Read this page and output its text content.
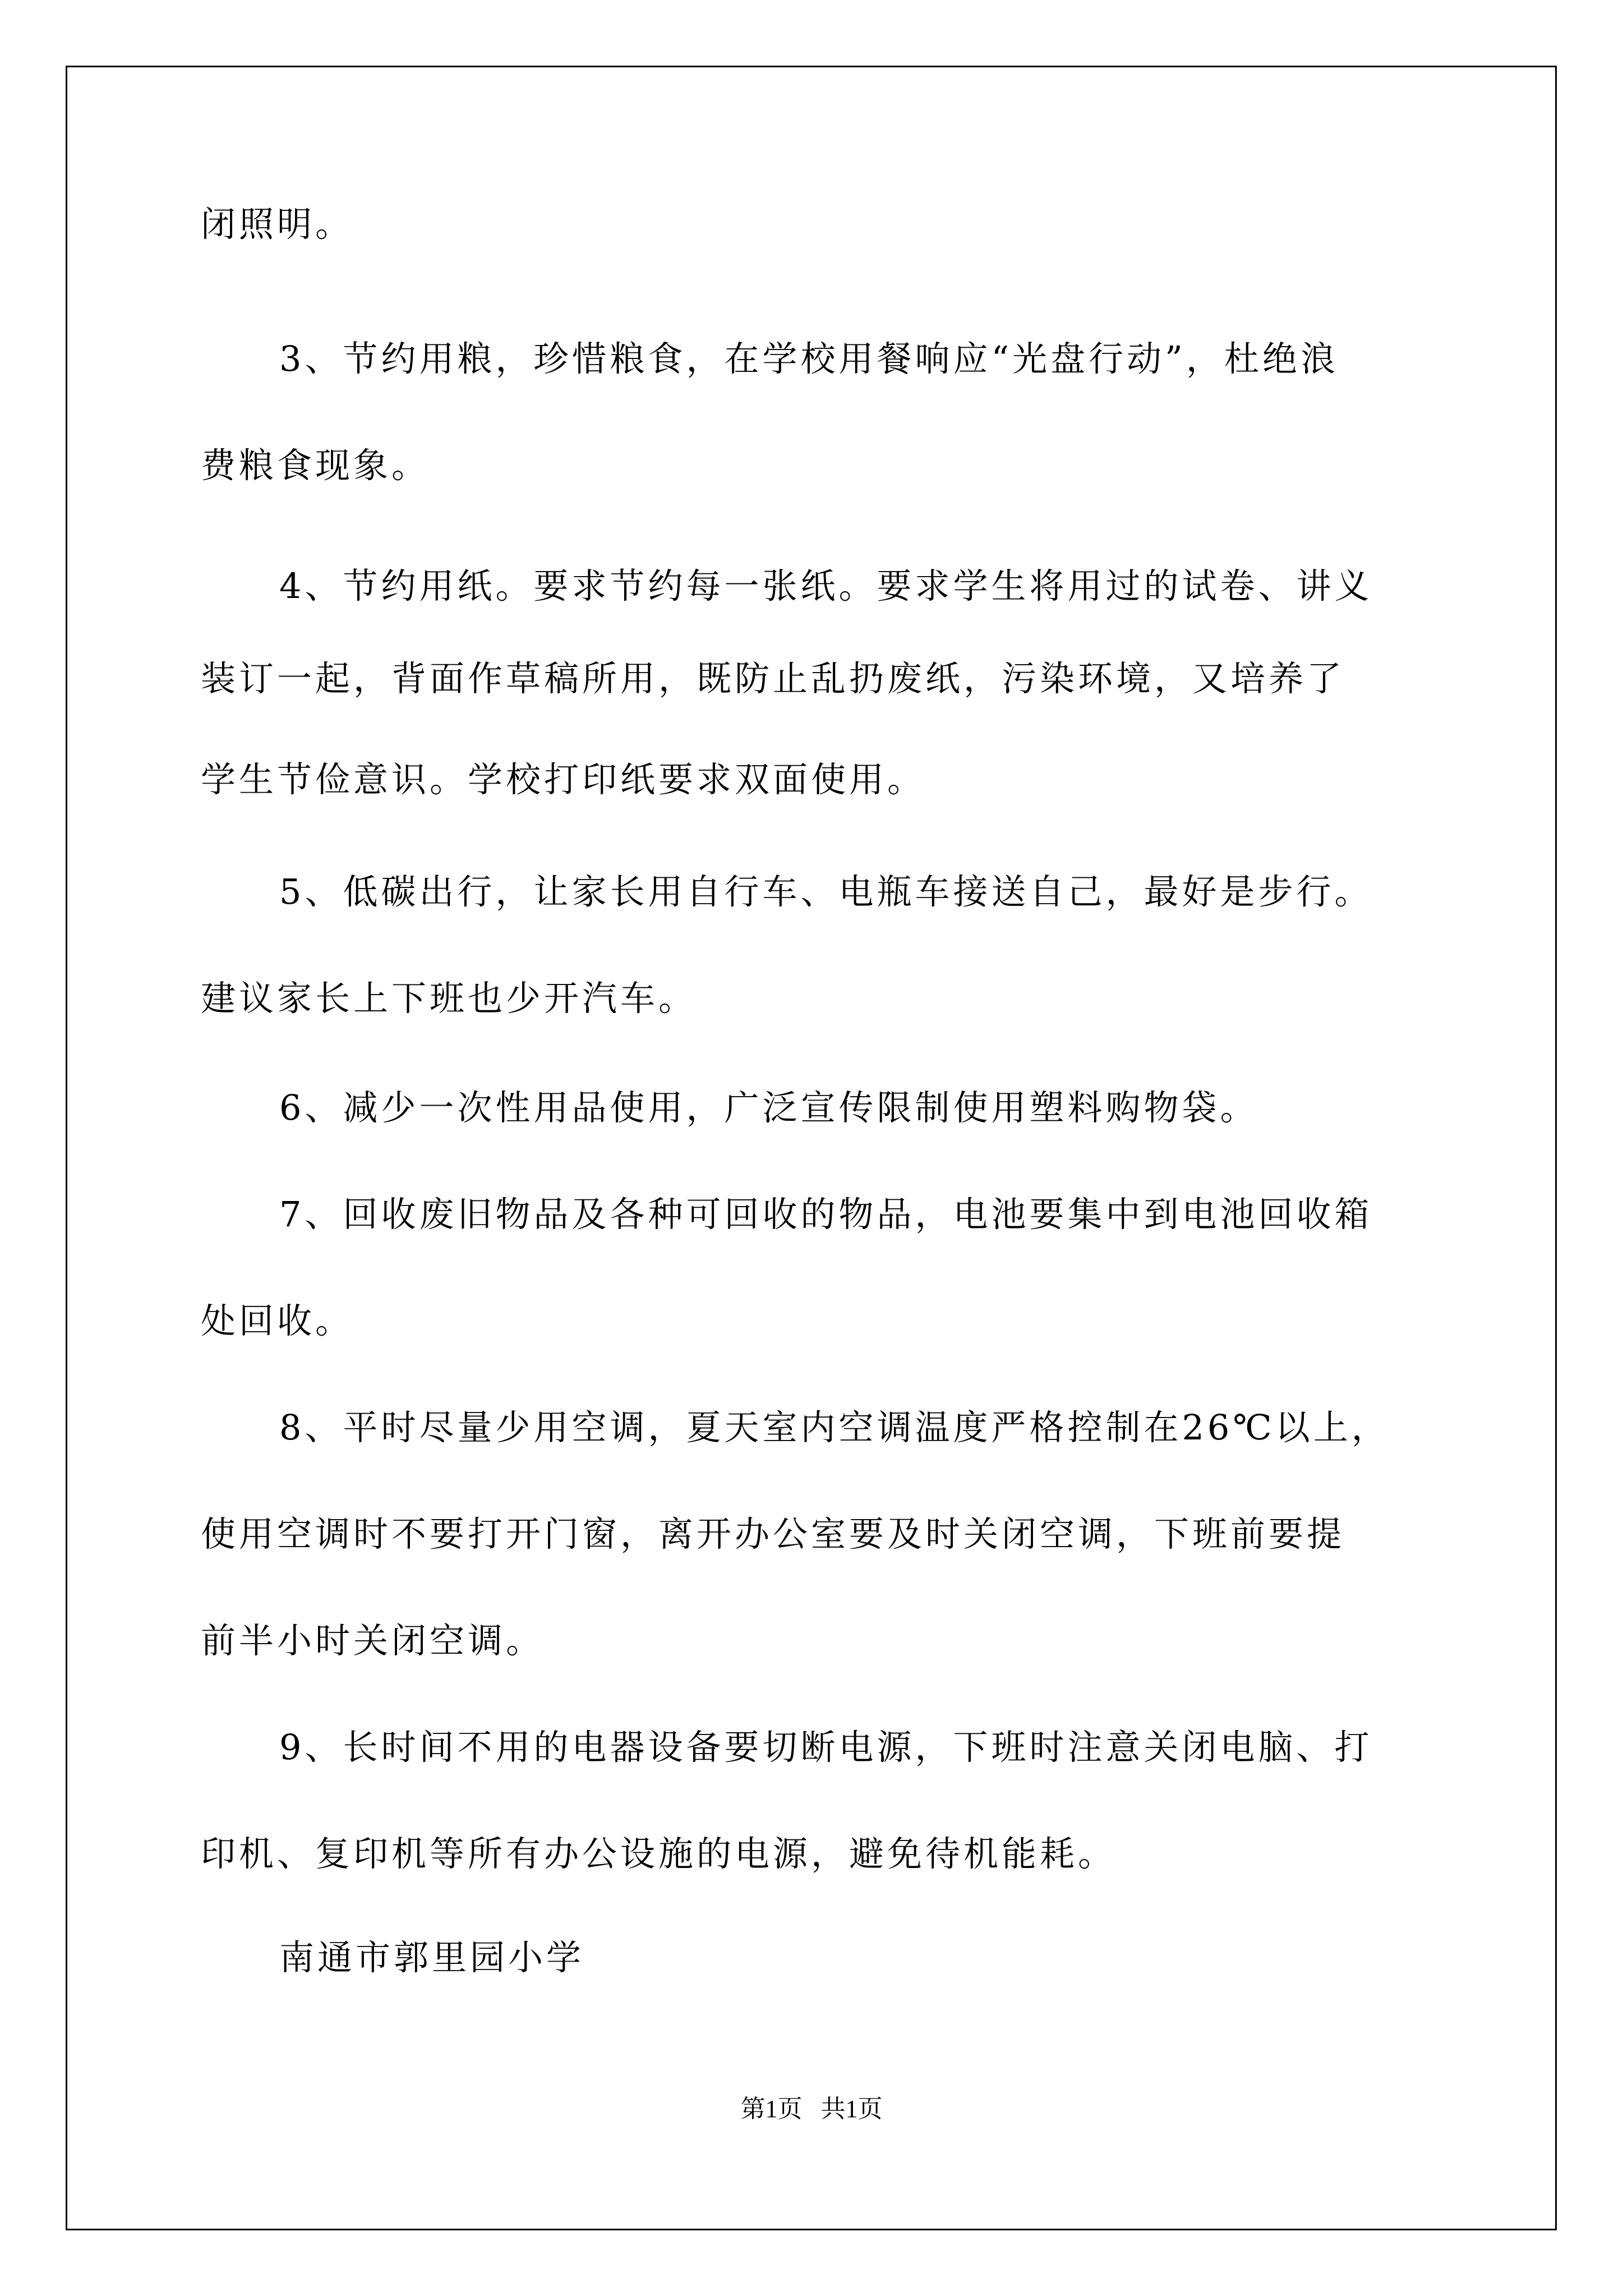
闭照明。
3、节约用粮，珍惜粮食，在学校用餐响应“光盘行动”，杜绝浪
费粮食现象。
4、节约用纸。要求节约每一张纸。要求学生将用过的试卷、讲义
装订一起，背面作草稿所用，既防止乱扔废纸，污染环境，又培养了
学生节俭意识。学校打印纸要求双面使用。
5、低碳出行，让家长用自行车、电瓶车接送自己，最好是步行。
建议家长上下班也少开汽车。
6、减少一次性用品使用，广泛宣传限制使用塑料购物袋。
7、回收废旧物品及各种可回收的物品，电池要集中到电池回收箱
处回收。
8、平时尽量少用空调，夏天室内空调温度严格控制在26℃以上，
使用空调时不要打开门窗，离开办公室要及时关闭空调，下班前要提
前半小时关闭空调。
9、长时间不用的电器设备要切断电源，下班时注意关闭电脑、打
印机、复印机等所有办公设施的电源，避免待机能耗。
南通市郭里园小学
第1页   共1页
